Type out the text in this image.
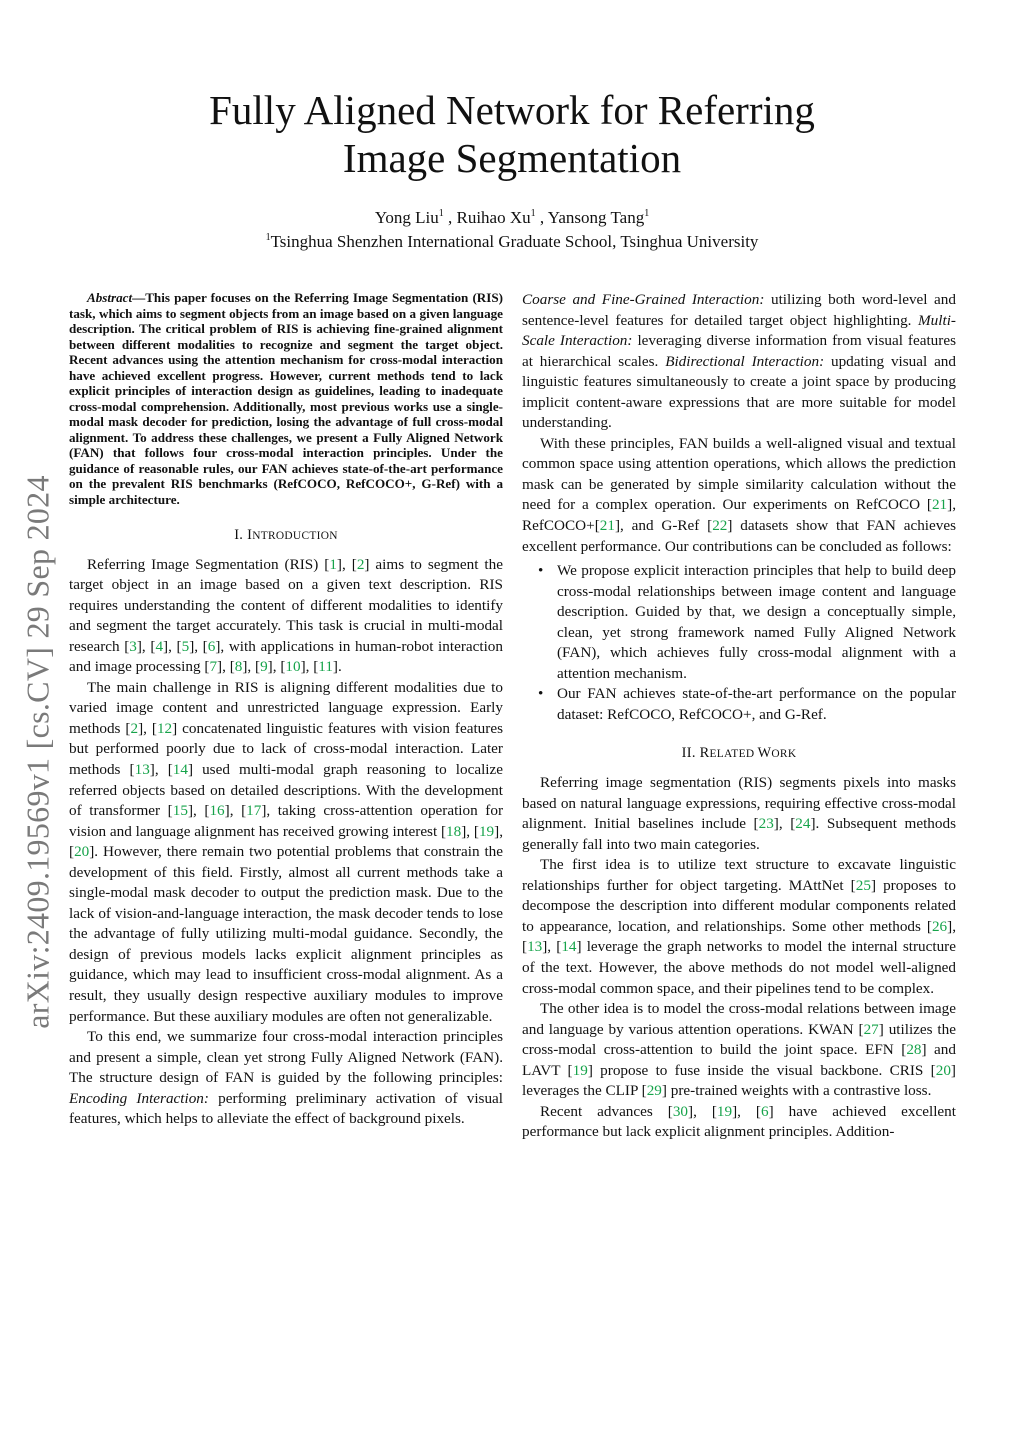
arXiv:2409.19569v1 [cs.CV] 29 Sep 2024
Fully Aligned Network for Referring
Image Segmentation
Yong Liu$^1$ , Ruihao Xu$^1$ , Yansong Tang$^1$
$^1$Tsinghua Shenzhen International Graduate School, Tsinghua University

Abstract—This paper focuses on the Referring Image Segmentation (RIS) task, which aims to segment objects from an image based on a given language description. The critical problem of RIS is achieving fine-grained alignment between different modalities to recognize and segment the target object. Recent advances using the attention mechanism for cross-modal interaction have achieved excellent progress. However, current methods tend to lack explicit principles of interaction design as guidelines, leading to inadequate cross-modal comprehension. Additionally, most previous works use a single-modal mask decoder for prediction, losing the advantage of full cross-modal alignment. To address these challenges, we present a Fully Aligned Network (FAN) that follows four cross-modal interaction principles. Under the guidance of reasonable rules, our FAN achieves state-of-the-art performance on the prevalent RIS benchmarks (RefCOCO, RefCOCO+, G-Ref) with a simple architecture.

I. INTRODUCTION

Referring Image Segmentation (RIS) [1], [2] aims to segment the target object in an image based on a given text description. RIS requires understanding the content of different modalities to identify and segment the target accurately. This task is crucial in multi-modal research [3], [4], [5], [6], with applications in human-robot interaction and image processing [7], [8], [9], [10], [11].

The main challenge in RIS is aligning different modalities due to varied image content and unrestricted language expression. Early methods [2], [12] concatenated linguistic features with vision features but performed poorly due to lack of cross-modal interaction. Later methods [13], [14] used multi-modal graph reasoning to localize referred objects based on detailed descriptions. With the development of transformer [15], [16], [17], taking cross-attention operation for vision and language alignment has received growing interest [18], [19], [20]. However, there remain two potential problems that constrain the development of this field. Firstly, almost all current methods take a single-modal mask decoder to output the prediction mask. Due to the lack of vision-and-language interaction, the mask decoder tends to lose the advantage of fully utilizing multi-modal guidance. Secondly, the design of previous models lacks explicit alignment principles as guidance, which may lead to insufficient cross-modal alignment. As a result, they usually design respective auxiliary modules to improve performance. But these auxiliary modules are often not generalizable.

To this end, we summarize four cross-modal interaction principles and present a simple, clean yet strong Fully Aligned Network (FAN). The structure design of FAN is guided by the following principles: Encoding Interaction: performing preliminary activation of visual features, which helps to alleviate the effect of background pixels.

Coarse and Fine-Grained Interaction: utilizing both word-level and sentence-level features for detailed target object highlighting. Multi-Scale Interaction: leveraging diverse information from visual features at hierarchical scales. Bidirectional Interaction: updating visual and linguistic features simultaneously to create a joint space by producing implicit content-aware expressions that are more suitable for model understanding.

With these principles, FAN builds a well-aligned visual and textual common space using attention operations, which allows the prediction mask can be generated by simple similarity calculation without the need for a complex operation. Our experiments on RefCOCO [21], RefCOCO+[21], and G-Ref [22] datasets show that FAN achieves excellent performance. Our contributions can be concluded as follows:

• We propose explicit interaction principles that help to build deep cross-modal relationships between image content and language description. Guided by that, we design a conceptually simple, clean, yet strong framework named Fully Aligned Network (FAN), which achieves fully cross-modal alignment with a attention mechanism.
• Our FAN achieves state-of-the-art performance on the popular dataset: RefCOCO, RefCOCO+, and G-Ref.
II. RELATED WORK

Referring image segmentation (RIS) segments pixels into masks based on natural language expressions, requiring effective cross-modal alignment. Initial baselines include [23], [24]. Subsequent methods generally fall into two main categories.

The first idea is to utilize text structure to excavate linguistic relationships further for object targeting. MAttNet [25] proposes to decompose the description into different modular components related to appearance, location, and relationships. Some other methods [26], [13], [14] leverage the graph networks to model the internal structure of the text. However, the above methods do not model well-aligned cross-modal common space, and their pipelines tend to be complex.

The other idea is to model the cross-modal relations between image and language by various attention operations. KWAN [27] utilizes the cross-modal cross-attention to build the joint space. EFN [28] and LAVT [19] propose to fuse inside the visual backbone. CRIS [20] leverages the CLIP [29] pre-trained weights with a contrastive loss.

Recent advances [30], [19], [6] have achieved excellent performance but lack explicit alignment principles. Addition-
